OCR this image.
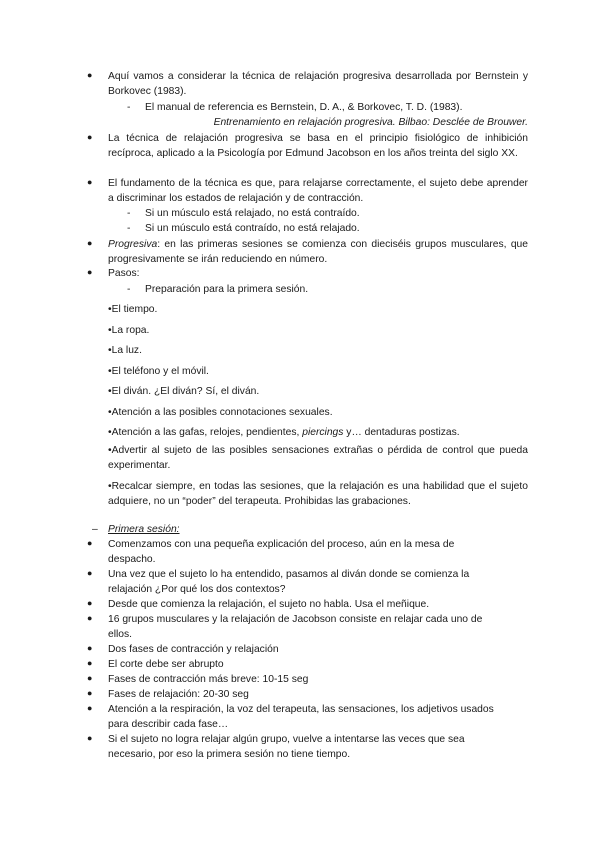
●	Aquí vamos a considerar la técnica de relajación progresiva desarrollada por Bernstein y Borkovec (1983).
-	El manual de referencia es Bernstein, D. A., & Borkovec, T. D. (1983).
Entrenamiento en relajación progresiva. Bilbao: Desclée de Brouwer.
●	La técnica de relajación progresiva se basa en el principio fisiológico de inhibición recíproca, aplicado a la Psicología por Edmund Jacobson en los años treinta del siglo XX.
●	El fundamento de la técnica es que, para relajarse correctamente, el sujeto debe aprender a discriminar los estados de relajación y de contracción.
-	Si un músculo está relajado, no está contraído.
-	Si un músculo está contraído, no está relajado.
●	Progresiva: en las primeras sesiones se comienza con dieciséis grupos musculares, que progresivamente se irán reduciendo en número.
●	Pasos:
-	Preparación para la primera sesión.
•El tiempo.
•La ropa.
•La luz.
•El teléfono y el móvil.
•El diván. ¿El diván? Sí, el diván.
•Atención a las posibles connotaciones sexuales.
•Atención a las gafas, relojes, pendientes, piercings y… dentaduras postizas.
•Advertir al sujeto de las posibles sensaciones extrañas o pérdida de control que pueda experimentar.
•Recalcar siempre, en todas las sesiones, que la relajación es una habilidad que el sujeto adquiere, no un “poder” del terapeuta. Prohibidas las grabaciones.
– Primera sesión:
●	Comenzamos con una pequeña explicación del proceso, aún en la mesa de despacho.
●	Una vez que el sujeto lo ha entendido, pasamos al diván donde se comienza la relajación ¿Por qué los dos contextos?
●	Desde que comienza la relajación, el sujeto no habla. Usa el meñique.
●	16 grupos musculares y la relajación de Jacobson consiste en relajar cada uno de ellos.
●	Dos fases de contracción y relajación
●	El corte debe ser abrupto
●	Fases de contracción más breve: 10-15 seg
●	Fases de relajación: 20-30 seg
●	Atención a la respiración, la voz del terapeuta, las sensaciones, los adjetivos usados para describir cada fase…
●	Si el sujeto no logra relajar algún grupo, vuelve a intentarse las veces que sea necesario, por eso la primera sesión no tiene tiempo.
